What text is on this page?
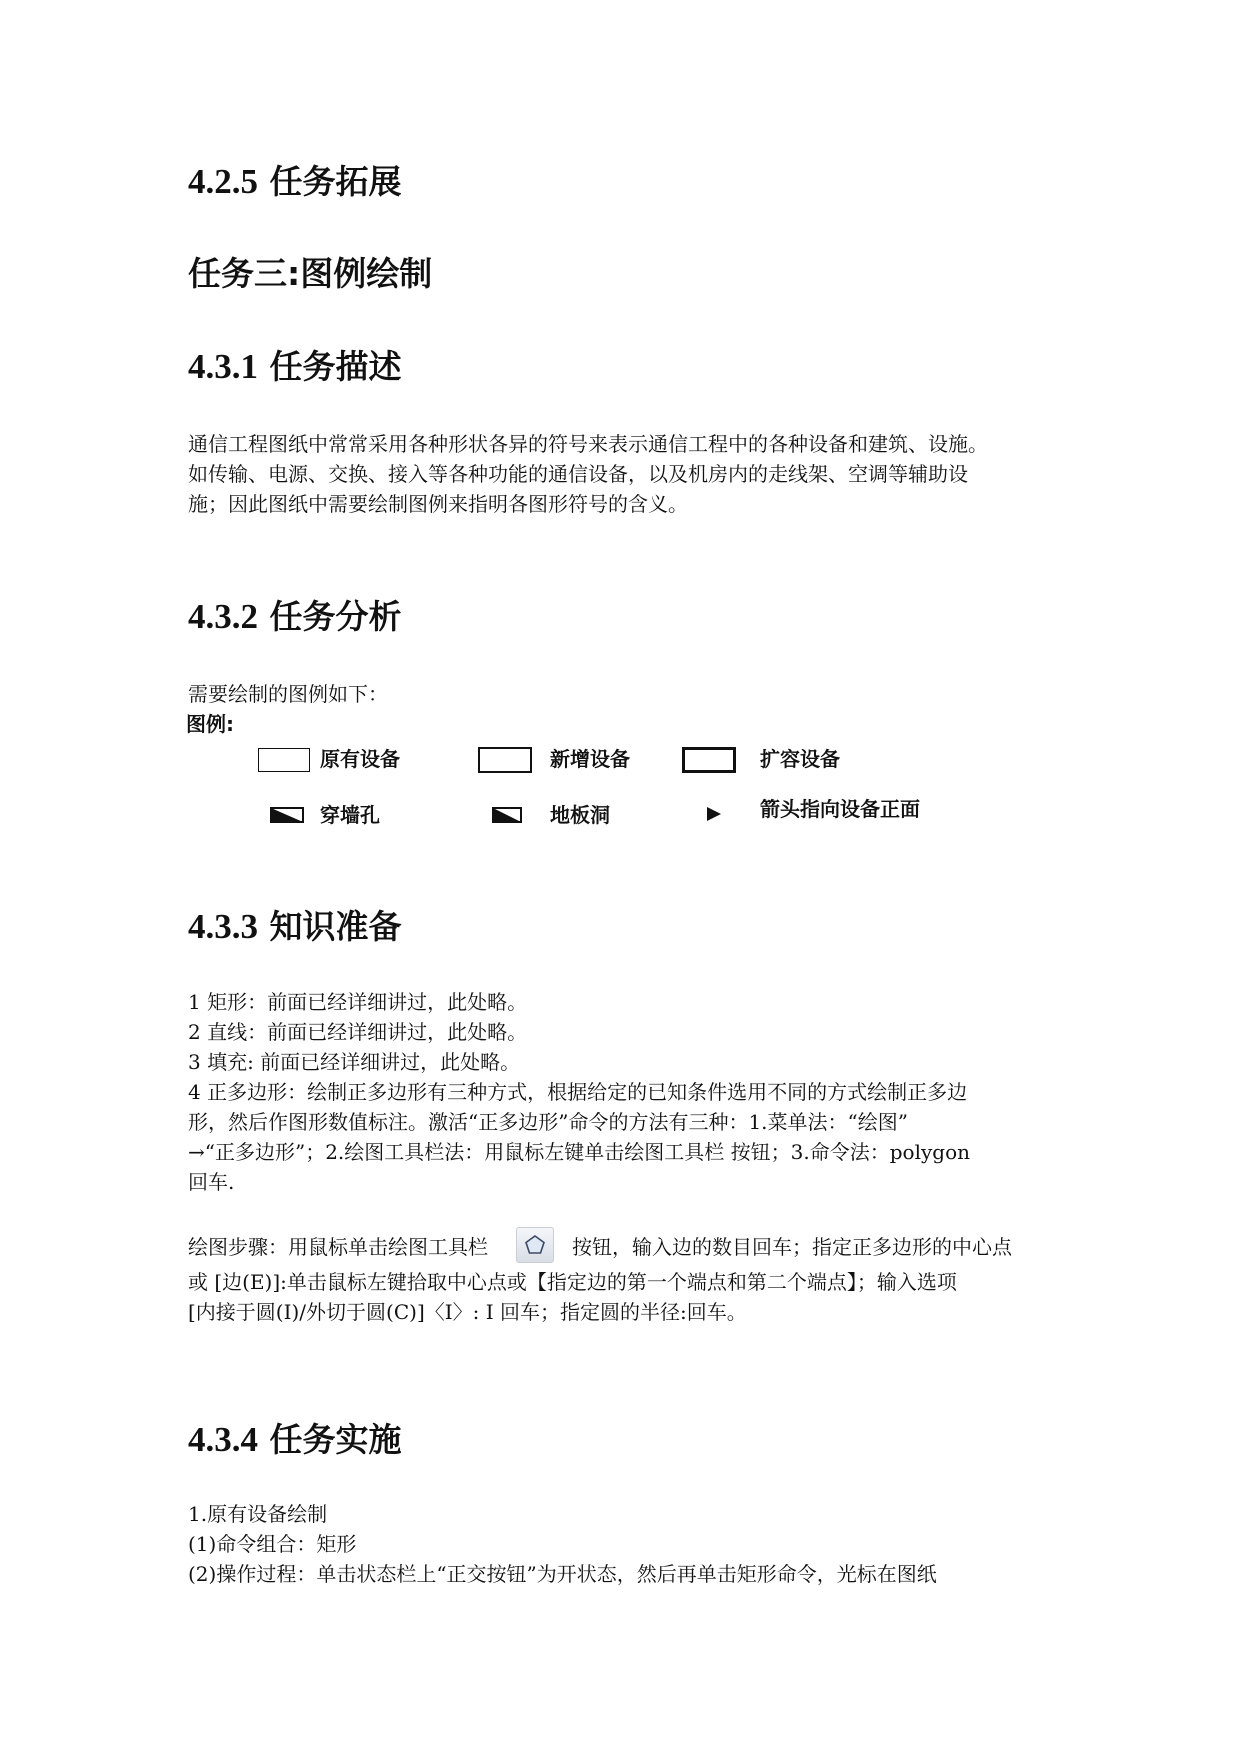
4.2.5 任务拓展
任务三:图例绘制
4.3.1 任务描述

通信工程图纸中常常采用各种形状各异的符号来表示通信工程中的各种设备和建筑、设施。

如传输、电源、交换、接入等各种功能的通信设备，以及机房内的走线架、空调等辅助设

施；因此图纸中需要绘制图例来指明各图形符号的含义。

4.3.2 任务分析

需要绘制的图例如下：

图例:
原有设备	新增设备	扩容设备
穿墙孔	地板洞	箭头指向设备正面
4.3.3 知识准备

1 矩形：前面已经详细讲过，此处略。

2 直线：前面已经详细讲过，此处略。

3 填充: 前面已经详细讲过，此处略。

4 正多边形：绘制正多边形有三种方式，根据给定的已知条件选用不同的方式绘制正多边

形，然后作图形数值标注。激活“正多边形”命令的方法有三种：1.菜单法：“绘图”

→“正多边形”；2.绘图工具栏法：用鼠标左键单击绘图工具栏 按钮；3.命令法：polygon

回车.

绘图步骤：用鼠标单击绘图工具栏	按钮，输入边的数目回车；指定正多边形的中心点

或 [边(E)]:单击鼠标左键拾取中心点或【指定边的第一个端点和第二个端点】；输入选项

[内接于圆(I)/外切于圆(C)]〈I〉: I 回车；指定圆的半径:回车。

4.3.4 任务实施

1.原有设备绘制

(1)命令组合：矩形

(2)操作过程：单击状态栏上“正交按钮”为开状态，然后再单击矩形命令，光标在图纸
